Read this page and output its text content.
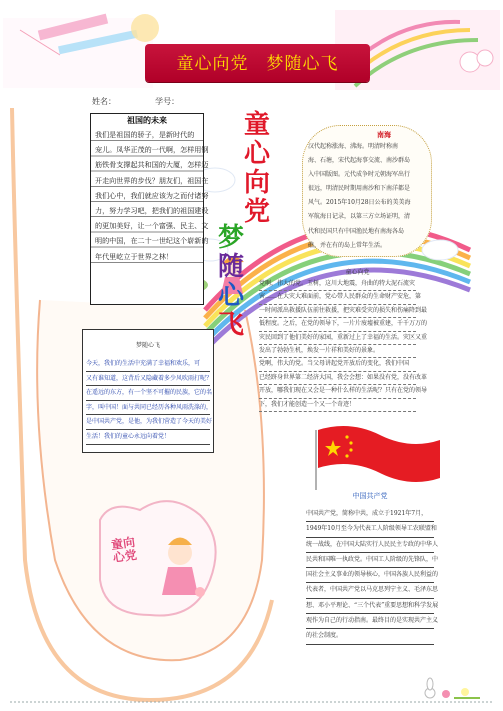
童心向党　梦随心飞
姓名：	学号：
祖国的未来

我们是祖国的骄子，是新时代的

宠儿。凤华正茂的一代啊，怎样用钢

筋铁骨支撑起共和国的大厦，怎样迈

开走向世界的步伐？朋友们，祖国在

我们心中，我们就应该为之而付诸努

力，努力学习吧，把我们的祖国建设

的更加美好，让一个富强、民主、文

明的中国，在二十一世纪这个崭新的

年代里屹立于世界之林！

童
心
向
党
梦
随
心
飞
南海

汉代起称涨海、沸海。明清时称南

海、石塘，宋代起海事交流、南沙群岛

入中国版图。元代成争时元朝海军出行

很远，明清民时期用南沙和下南洋都是

风气。2015年10月28日公布的美美海

军航海日记录，以第三方立场证明，清

代和民国只有中国渔民地有南海各岛

礁，并在有的岛上常年生活。

童心向党

党啊，伟大的党。玉树，这川大地震，舟曲的特大泥石流灾

害……在大灾大难面前，党心带人民群众的生命财产安危，第

一时间派出救援队伍前往救援，把灾难受灾的损失和伤痛降到最

低程度。之后，在党的领导下，一片片废墟被重建，千千万万的

灾民回到了他们美好的家园，重新过上了幸福的生活。灾区又重

发出了勃勃生机，焕发一片祥和美好的景象。

党啊，伟大的党。当父母讲起党开放后的变化，我们中国

已经跻身世界第二经济大国，我会会想：如果没有党，没有改革

开放，哪我们现在又会是一种什么样的生活呢？只有在党的领导

下，我们才能创造一个又一个奇迹！

梦随心飞

今天，我们的生活中充满了幸福和欢乐，可

又有谁知道，这背后又隐藏着多少风吹雨打呢？

在遥远的东方，有一个坚不可摧的民族，它的名

字，叫中国！面与共同已经历各种风雨洗涤的，

是中国共产党，是他，为我们营造了今天的美好

生活！我们的童心永远向着党！

中国共产党

中国共产党，简称中共，成立于1921年7月，

1949年10月至今为代表工人阶级领导工农联盟和

统一战线，在中国大陆实行人民民主专政的中华人

民共和国唯一执政党。中国工人阶级的先锋队，中

国社会主义事业的领导核心，中国各族人民利益的

代表者，中国共产党以马克思列宁主义、毛泽东思

想、邓小平理论、“三个代表”重要思想和科学发展

观作为自己的行动指南。最终目的是实现共产主义

的社会制度。

童向心党
